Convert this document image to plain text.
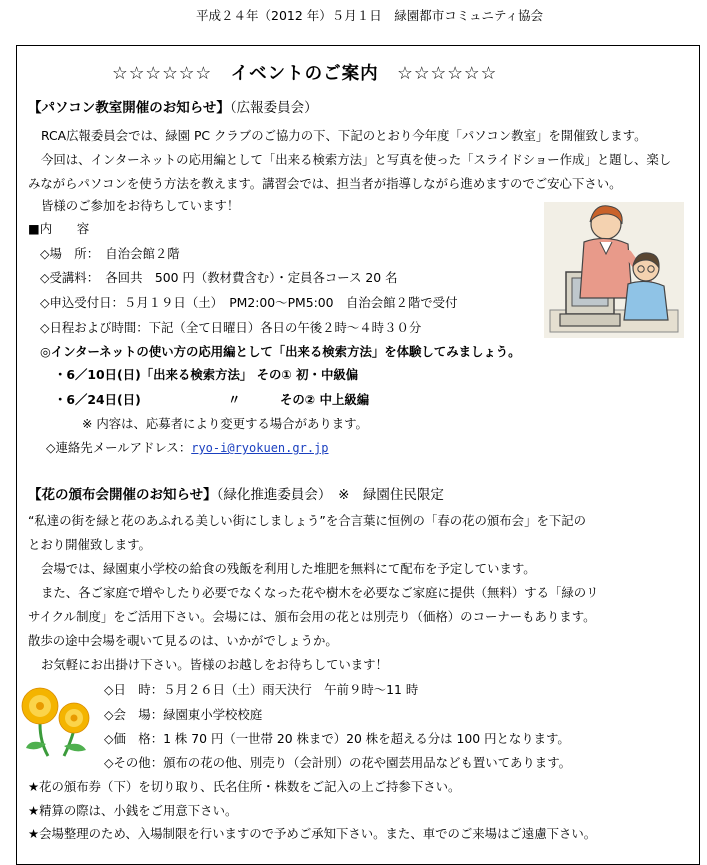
平成２４年（2012 年）５月１日　緑園都市コミュニティ協会
☆☆☆☆☆☆　イベントのご案内　☆☆☆☆☆☆
【パソコン教室開催のお知らせ】（広報委員会）
RCA広報委員会では、緑園 PC クラブのご協力の下、下記のとおり今年度「パソコン教室」を開催致します。
今回は、インターネットの応用編として「出来る検索方法」と写真を使った「スライドショー作成」と題し、楽し
みながらパソコンを使う方法を教えます。講習会では、担当者が指導しながら進めますのでご安心下さい。
皆様のご参加をお待ちしています！
■内　　容
◇場　所：　自治会館２階
◇受講料：　各回共　500 円（教材費含む）・定員各コース 20 名
◇申込受付日：５月１９日（土）　PM2:00〜PM5:00　自治会館２階で受付
◇日程および時間：下記（全て日曜日）各日の午後２時～４時３０分
◎インターネットの使い方の応用編として「出来る検索方法」を体験してみましょう。
・6／10日(日)「出来る検索方法」 その① 初・中級偏
・6／24日(日)	〃	その② 中上級編
※ 内容は、応募者により変更する場合があります。
◇連絡先メールアドレス：ryo-i@ryokuen.gr.jp
【花の頒布会開催のお知らせ】（緑化推進委員会）　※　緑園住民限定
“私達の街を緑と花のあふれる美しい街にしましょう”を合言葉に恒例の「春の花の頒布会」を下記の
とおり開催致します。
会場では、緑園東小学校の給食の残飯を利用した堆肥を無料にて配布を予定しています。
また、各ご家庭で増やしたり必要でなくなった花や樹木を必要なご家庭に提供（無料）する「緑のリ
サイクル制度」をご活用下さい。会場には、頒布会用の花とは別売り（価格）のコーナーもあります。
散歩の途中会場を覗いて見るのは、いかがでしょうか。
お気軽にお出掛け下さい。皆様のお越しをお待ちしています！
◇日　時：５月２６日（土）雨天決行　午前９時～11 時
◇会　場：緑園東小学校校庭
◇価　格：1 株 70 円（一世帯 20 株まで）20 株を超える分は 100 円となります。
◇その他：頒布の花の他、別売り（会計別）の花や園芸用品なども置いてあります。
★花の頒布券（下）を切り取り、氏名住所・株数をご記入の上ご持参下さい。
★精算の際は、小銭をご用意下さい。
★会場整理のため、入場制限を行いますので予めご承知下さい。また、車でのご来場はご遠慮下さい。
